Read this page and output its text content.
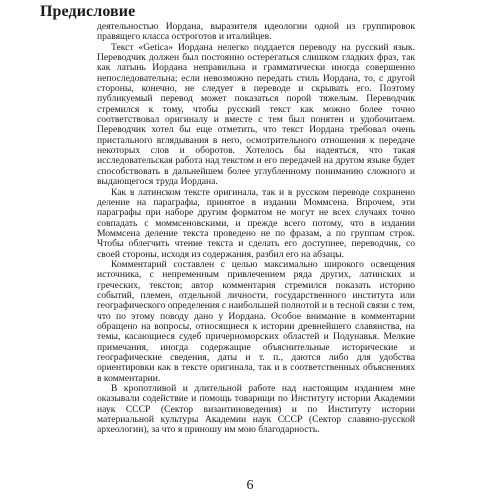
Предисловие

деятельностью Иордана, выразителя идеологии одной из группировок правящего класса остроготов и италийцев.

Текст «Getica» Иордана нелегко поддается переводу на русский язык. Переводчик должен был постоянно остерегаться слишком гладких фраз, так как латынь Иордана неправильна и грамматически иногда совершенно непоследовательна; если невозможно передать стиль Иордана, то, с другой стороны, конечно, не следует в переводе и скрывать его. Поэтому публикуемый перевод может показаться порой тяжелым. Переводчик стремился к тому, чтобы русский текст как можно более точно соответствовал оригиналу и вместе с тем был понятен и удобочитаем. Переводчик хотел бы еще отметить, что текст Иордана требовал очень пристального вглядывания в него, осмотрительного отношения к передаче некоторых слов и оборотов. Хотелось бы надеяться, что такая исследовательская работа над текстом и его передачей на другом языке будет способствовать в дальнейшем более углубленному пониманию сложного и выдающегося труда Иордана.

Как в латинском тексте оригинала, так и в русском переводе сохранено деление на параграфы, принятое в издании Моммсена. Впрочем, эти параграфы при наборе другим форматом не могут не всех случаях точно совпадать с моммсеновскими, и прежде всего потому, что в издании Моммсена деление текста проведено не по фразам, а по группам строк. Чтобы облегчить чтение текста и сделать его доступнее, переводчик, со своей стороны, исходя из содержания, разбил его на абзацы.

Комментарий составлен с целью максимально широкого освещения источника, с непременным привлечением ряда других, латинских и греческих, текстов; автор комментария стремился показать историю событий, племен, отдельной личности, государственного института или географического определения с наибольшей полнотой и в тесной связи с тем, что по этому поводу дано у Иордана. Особое внимание в комментарии обращено на вопросы, относящиеся к истории древнейшего славянства, на темы, касающиеся судеб причерноморских областей и Подунавья. Мелкие примечания, иногда содержащие объяснительные исторические и географические сведения, даты и т. п., даются либо для удобства ориентировки как в тексте оригинала, так и в соответственных объяснениях в комментарии.

В кропотливой и длительной работе над настоящим изданием мне оказывали содействие и помощь товарищи по Институту истории Академии наук СССР (Сектор византиноведения) и по Институту истории материальной культуры Академии наук СССР (Сектор славяно-русской археологии), за что я приношу им мою благодарность.

6
